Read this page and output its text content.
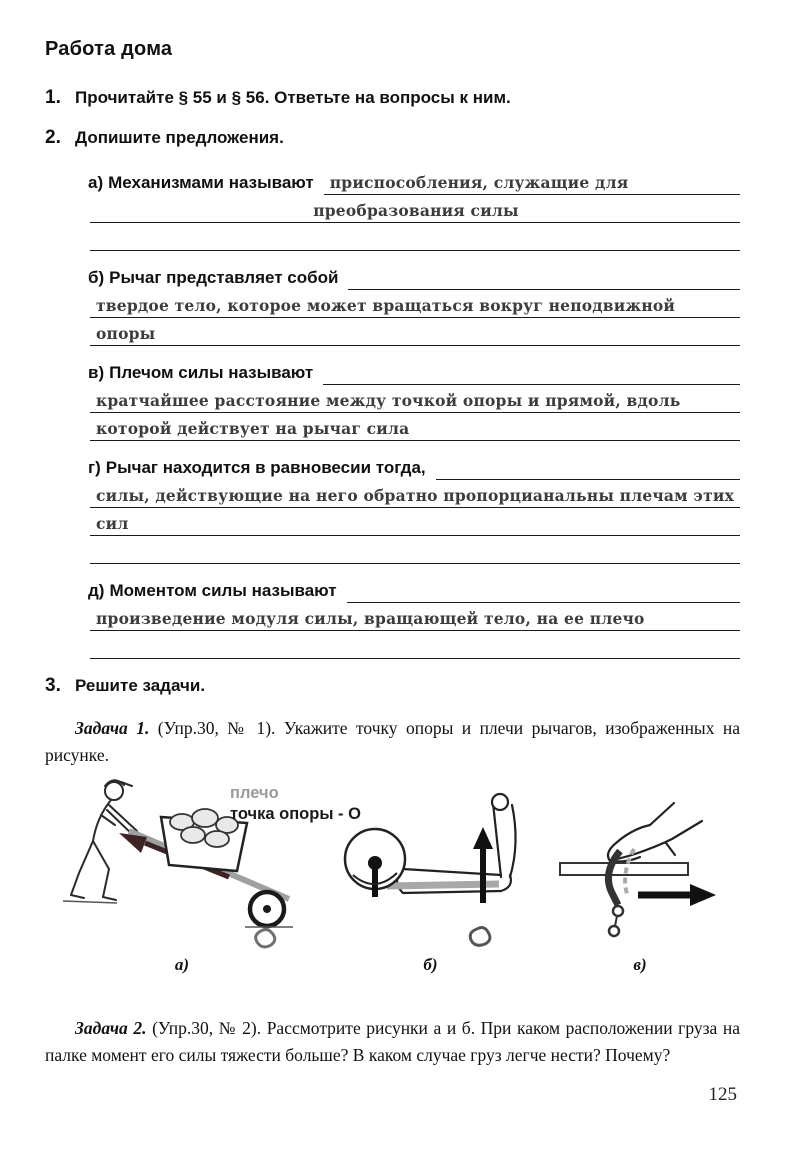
Работа дома
1. Прочитайте § 55 и § 56. Ответьте на вопросы к ним.
2. Допишите предложения.
а) Механизмами называют	приспособления, служащие для
преобразования силы
б) Рычаг представляет собой
твердое тело, которое может вращаться вокруг неподвижной
опоры
в) Плечом силы называют
кратчайшее расстояние между точкой опоры и прямой, вдоль
которой действует на рычаг сила
г) Рычаг находится в равновесии тогда,
силы, действующие на него обратно пропорцианальны плечам этих
сил
д) Моментом силы называют
произведение модуля силы, вращающей тело, на ее плечо
3. Решите задачи.

Задача 1. (Упр.30, № 1). Укажите точку опоры и плечи рычагов, изображенных на рисунке.

плечо
точка опоры - О
а)	б)	в)

Задача 2. (Упр.30, № 2). Рассмотрите рисунки а и б. При каком расположении груза на палке момент его силы тяжести больше? В каком случае груз легче нести? Почему?

125
